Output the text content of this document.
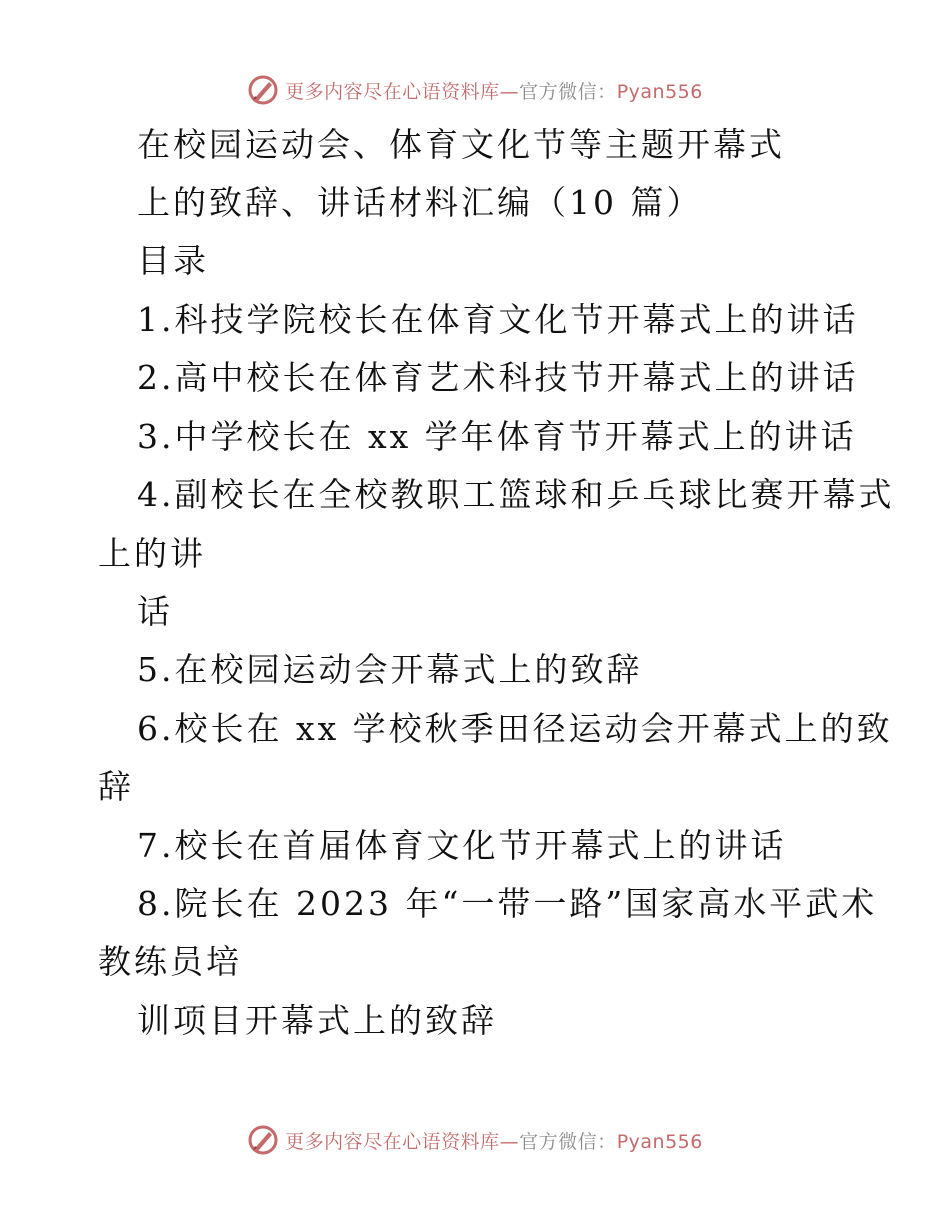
更多内容尽在心语资料库—官方微信：Pyan556
在校园运动会、体育文化节等主题开幕式
上的致辞、讲话材料汇编（10 篇）
目录
1.科技学院校长在体育文化节开幕式上的讲话
2.高中校长在体育艺术科技节开幕式上的讲话
3.中学校长在 xx 学年体育节开幕式上的讲话
4.副校长在全校教职工篮球和乒乓球比赛开幕式
上的讲
话
5.在校园运动会开幕式上的致辞
6.校长在 xx 学校秋季田径运动会开幕式上的致
辞
7.校长在首届体育文化节开幕式上的讲话
8.院长在 2023 年“一带一路”国家高水平武术
教练员培
训项目开幕式上的致辞
更多内容尽在心语资料库—官方微信：Pyan556
